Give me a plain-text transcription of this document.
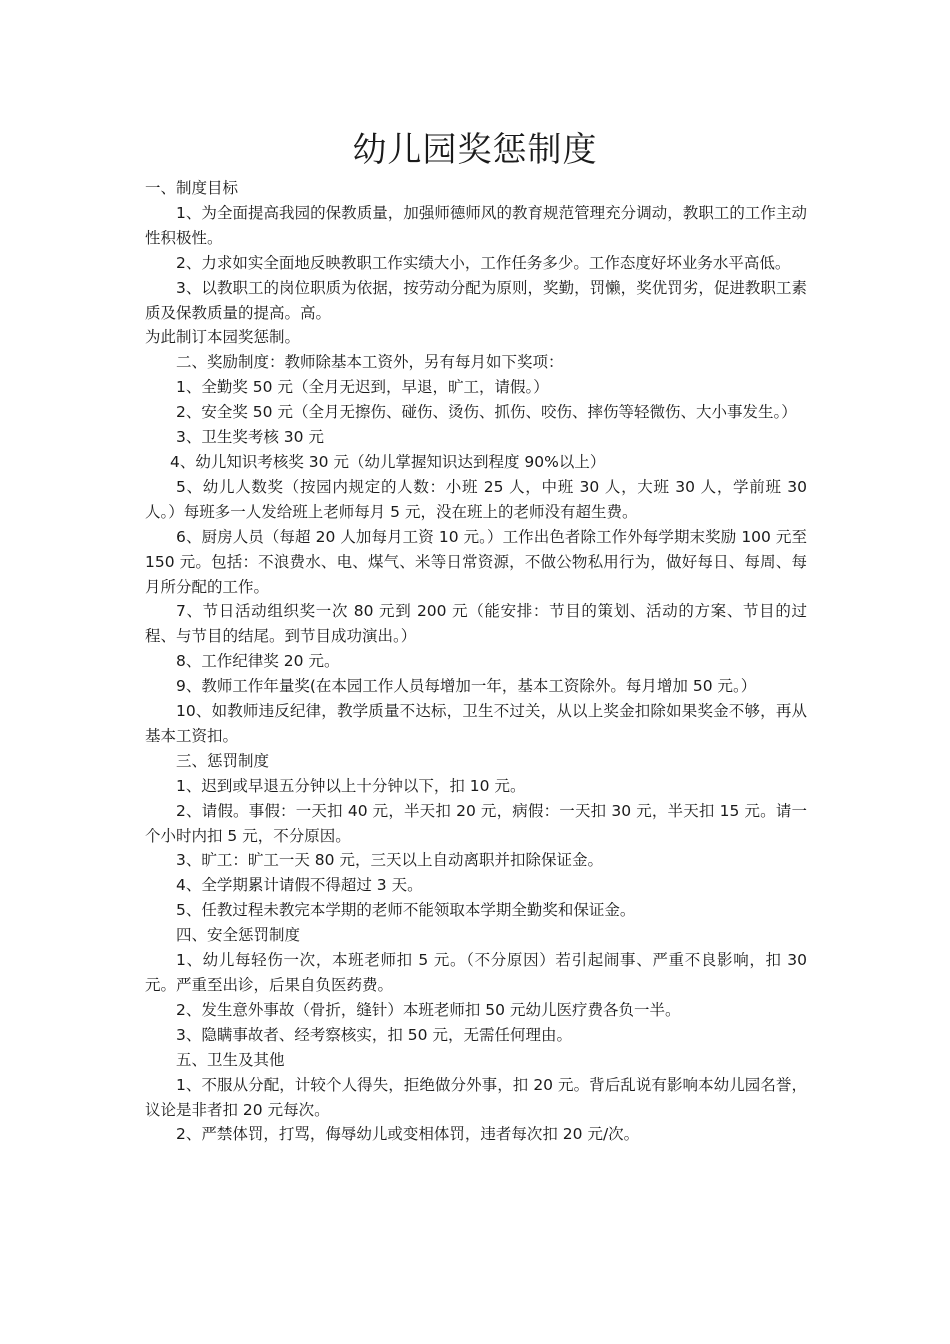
幼儿园奖惩制度

一、制度目标

1、为全面提高我园的保教质量，加强师德师风的教育规范管理充分调动，教职工的工作主动性积极性。

2、力求如实全面地反映教职工作实绩大小，工作任务多少。工作态度好坏业务水平高低。

3、以教职工的岗位职质为依据，按劳动分配为原则，奖勤，罚懒，奖优罚劣，促进教职工素质及保教质量的提高。高。

为此制订本园奖惩制。

二、奖励制度：教师除基本工资外，另有每月如下奖项：

1、全勤奖 50 元（全月无迟到，早退，旷工，请假。）

2、安全奖 50 元（全月无擦伤、碰伤、烫伤、抓伤、咬伤、摔伤等轻微伤、大小事发生。）

3、卫生奖考核 30 元

4、幼儿知识考核奖 30 元（幼儿掌握知识达到程度 90%以上）

5、幼儿人数奖（按园内规定的人数：小班 25 人，中班 30 人，大班 30 人，学前班 30 人。）每班多一人发给班上老师每月 5 元，没在班上的老师没有超生费。

6、厨房人员（每超 20 人加每月工资 10 元。）工作出色者除工作外每学期末奖励 100 元至 150 元。包括：不浪费水、电、煤气、米等日常资源，不做公物私用行为，做好每日、每周、每月所分配的工作。

7、节日活动组织奖一次 80 元到 200 元（能安排：节目的策划、活动的方案、节目的过程、与节目的结尾。到节目成功演出。）

8、工作纪律奖 20 元。

9、教师工作年量奖(在本园工作人员每增加一年，基本工资除外。每月增加 50 元。）

10、如教师违反纪律，教学质量不达标，卫生不过关，从以上奖金扣除如果奖金不够，再从基本工资扣。

三、惩罚制度

1、迟到或早退五分钟以上十分钟以下，扣 10 元。

2、请假。事假：一天扣 40 元，半天扣 20 元，病假：一天扣 30 元，半天扣 15 元。请一个小时内扣 5 元，不分原因。

3、旷工：旷工一天 80 元，三天以上自动离职并扣除保证金。

4、全学期累计请假不得超过 3 天。

5、任教过程未教完本学期的老师不能领取本学期全勤奖和保证金。

四、安全惩罚制度

1、幼儿每轻伤一次，本班老师扣 5 元。（不分原因）若引起闹事、严重不良影响，扣 30 元。严重至出诊，后果自负医药费。

2、发生意外事故（骨折，缝针）本班老师扣 50 元幼儿医疗费各负一半。

3、隐瞒事故者、经考察核实，扣 50 元，无需任何理由。

五、卫生及其他

1、不服从分配，计较个人得失，拒绝做分外事，扣 20 元。背后乱说有影响本幼儿园名誉，议论是非者扣 20 元每次。

2、严禁体罚，打骂，侮辱幼儿或变相体罚，违者每次扣 20 元/次。
